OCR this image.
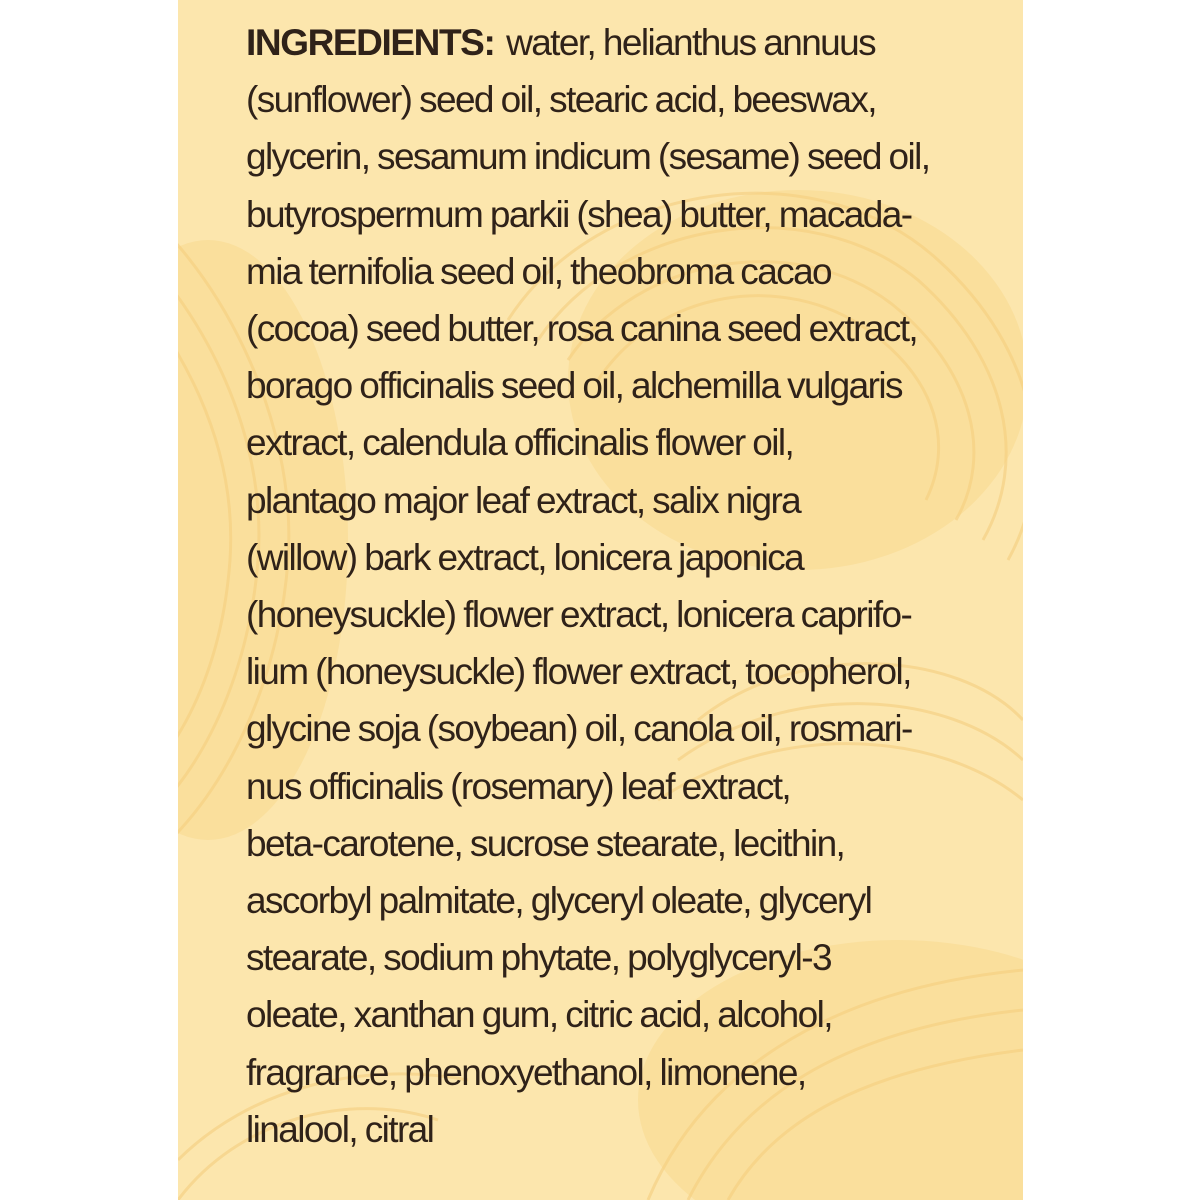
INGREDIENTS: water, helianthus annuus
(sunflower) seed oil, stearic acid, beeswax,
glycerin, sesamum indicum (sesame) seed oil,
butyrospermum parkii (shea) butter, macada-
mia ternifolia seed oil, theobroma cacao
(cocoa) seed butter, rosa canina seed extract,
borago officinalis seed oil, alchemilla vulgaris
extract, calendula officinalis flower oil,
plantago major leaf extract, salix nigra
(willow) bark extract, lonicera japonica
(honeysuckle) flower extract, lonicera caprifo-
lium (honeysuckle) flower extract, tocopherol,
glycine soja (soybean) oil, canola oil, rosmari-
nus officinalis (rosemary) leaf extract,
beta-carotene, sucrose stearate, lecithin,
ascorbyl palmitate, glyceryl oleate, glyceryl
stearate, sodium phytate, polyglyceryl-3
oleate, xanthan gum, citric acid, alcohol,
fragrance, phenoxyethanol, limonene,
linalool, citral
